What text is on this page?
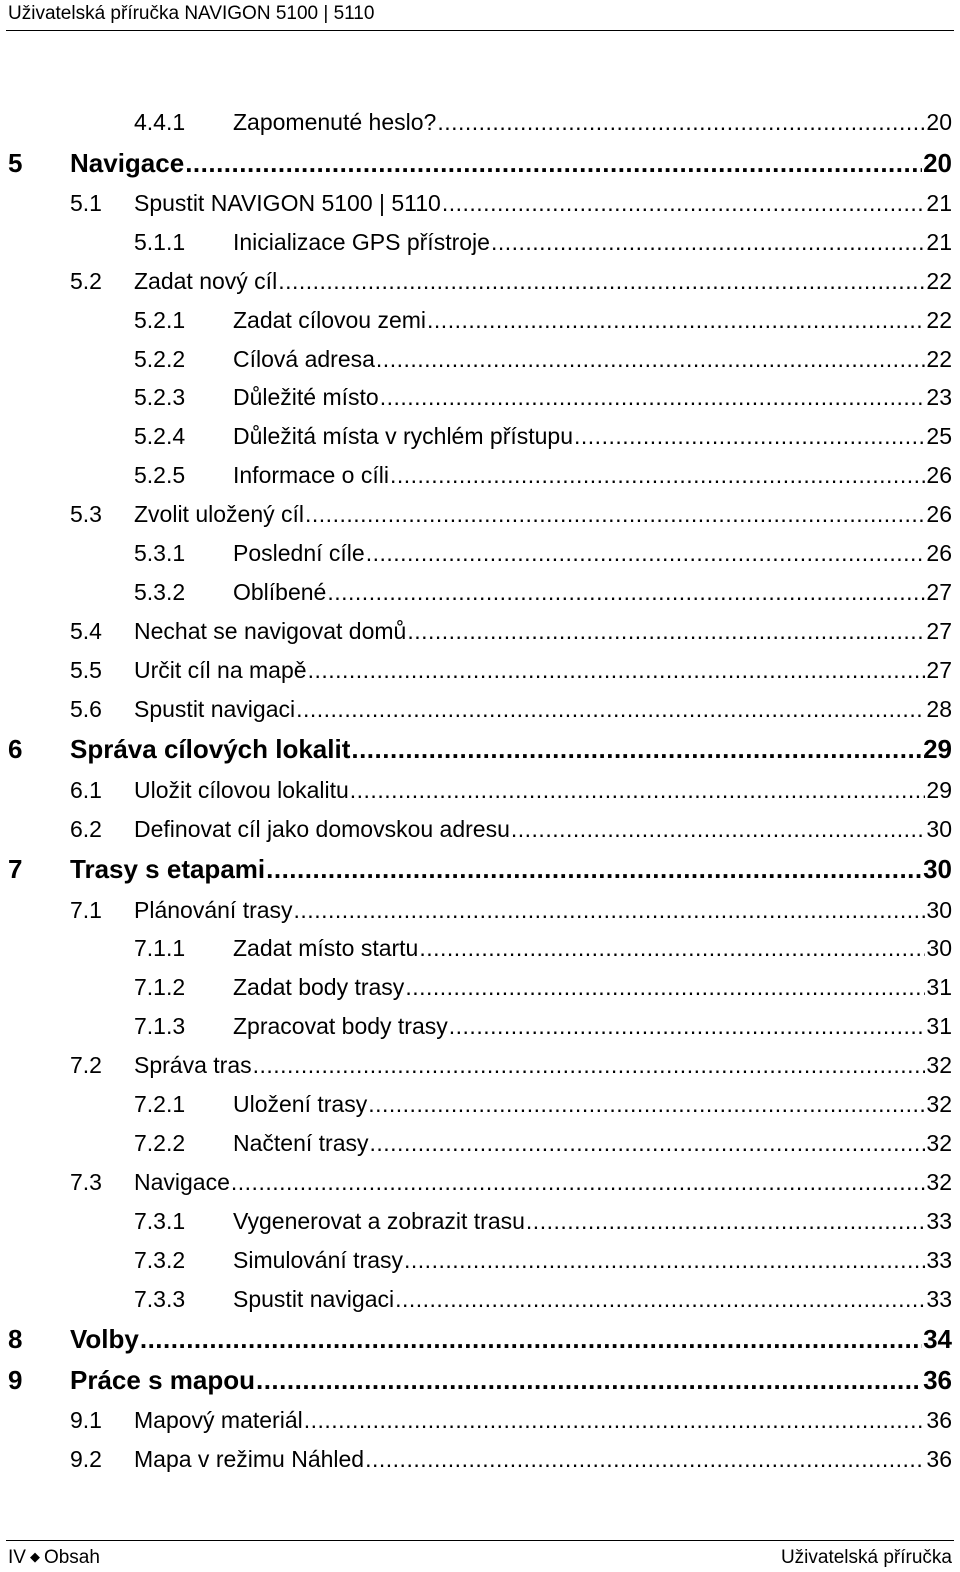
Uživatelská příručka NAVIGON 5100 | 5110
4.4.1	Zapomenuté heslo? .....	20
5	Navigace .....	20
5.1	Spustit NAVIGON 5100 | 5110 .....	21
5.1.1	Inicializace GPS přístroje .....	21
5.2	Zadat nový cíl .....	22
5.2.1	Zadat cílovou zemi .....	22
5.2.2	Cílová adresa .....	22
5.2.3	Důležité místo .....	23
5.2.4	Důležitá místa v rychlém přístupu .....	25
5.2.5	Informace o cíli .....	26
5.3	Zvolit uložený cíl .....	26
5.3.1	Poslední cíle .....	26
5.3.2	Oblíbené .....	27
5.4	Nechat se navigovat domů .....	27
5.5	Určit cíl na mapě .....	27
5.6	Spustit navigaci .....	28
6	Správa cílových lokalit .....	29
6.1	Uložit cílovou lokalitu .....	29
6.2	Definovat cíl jako domovskou adresu .....	30
7	Trasy s etapami .....	30
7.1	Plánování trasy .....	30
7.1.1	Zadat místo startu .....	30
7.1.2	Zadat body trasy .....	31
7.1.3	Zpracovat body trasy .....	31
7.2	Správa tras .....	32
7.2.1	Uložení trasy .....	32
7.2.2	Načtení trasy .....	32
7.3	Navigace .....	32
7.3.1	Vygenerovat a zobrazit trasu .....	33
7.3.2	Simulování trasy .....	33
7.3.3	Spustit navigaci .....	33
8	Volby .....	34
9	Práce s mapou .....	36
9.1	Mapový materiál .....	36
9.2	Mapa v režimu Náhled .....	36
IV ◆ Obsah	Uživatelská příručka
